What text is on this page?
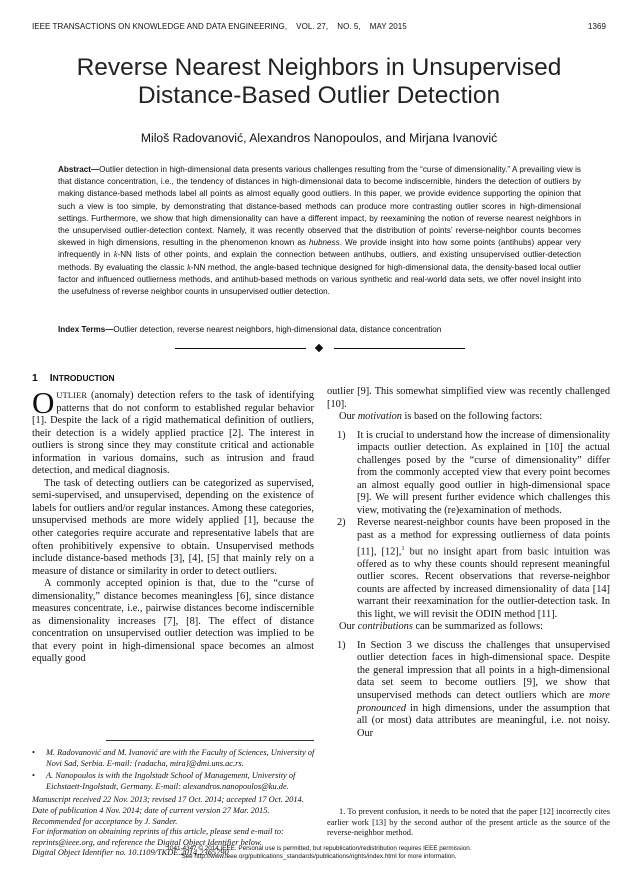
IEEE TRANSACTIONS ON KNOWLEDGE AND DATA ENGINEERING,    VOL. 27,    NO. 5,    MAY 2015	1369
Reverse Nearest Neighbors in Unsupervised
Distance-Based Outlier Detection
Miloš Radovanović, Alexandros Nanopoulos, and Mirjana Ivanović
Abstract—Outlier detection in high-dimensional data presents various challenges resulting from the “curse of dimensionality.” A prevailing view is that distance concentration, i.e., the tendency of distances in high-dimensional data to become indiscernible, hinders the detection of outliers by making distance-based methods label all points as almost equally good outliers. In this paper, we provide evidence supporting the opinion that such a view is too simple, by demonstrating that distance-based methods can produce more contrasting outlier scores in high-dimensional settings. Furthermore, we show that high dimensionality can have a different impact, by reexamining the notion of reverse nearest neighbors in the unsupervised outlier-detection context. Namely, it was recently observed that the distribution of points’ reverse-neighbor counts becomes skewed in high dimensions, resulting in the phenomenon known as hubness. We provide insight into how some points (antihubs) appear very infrequently in k-NN lists of other points, and explain the connection between antihubs, outliers, and existing unsupervised outlier-detection methods. By evaluating the classic k-NN method, the angle-based technique designed for high-dimensional data, the density-based local outlier factor and influenced outlierness methods, and antihub-based methods on various synthetic and real-world data sets, we offer novel insight into the usefulness of reverse neighbor counts in unsupervised outlier detection.
Index Terms—Outlier detection, reverse nearest neighbors, high-dimensional data, distance concentration
1 INTRODUCTION

OUTLIER (anomaly) detection refers to the task of identifying patterns that do not conform to established regular behavior [1]. Despite the lack of a rigid mathematical definition of outliers, their detection is a widely applied practice [2]. The interest in outliers is strong since they may constitute critical and actionable information in various domains, such as intrusion and fraud detection, and medical diagnosis.

The task of detecting outliers can be categorized as supervised, semi-supervised, and unsupervised, depending on the existence of labels for outliers and/or regular instances. Among these categories, unsupervised methods are more widely applied [1], because the other categories require accurate and representative labels that are often prohibitively expensive to obtain. Unsupervised methods include distance-based methods [3], [4], [5] that mainly rely on a measure of distance or similarity in order to detect outliers.

A commonly accepted opinion is that, due to the “curse of dimensionality,” distance becomes meaningless [6], since distance measures concentrate, i.e., pairwise distances become indiscernible as dimensionality increases [7], [8]. The effect of distance concentration on unsupervised outlier detection was implied to be that every point in high-dimensional space becomes an almost equally good

outlier [9]. This somewhat simplified view was recently challenged [10].

Our motivation is based on the following factors:

1) It is crucial to understand how the increase of dimensionality impacts outlier detection. As explained in [10] the actual challenges posed by the “curse of dimensionality” differ from the commonly accepted view that every point becomes an almost equally good outlier in high-dimensional space [9]. We will present further evidence which challenges this view, motivating the (re)examination of methods.
2) Reverse nearest-neighbor counts have been proposed in the past as a method for expressing outlierness of data points [11], [12],$^1$ but no insight apart from basic intuition was offered as to why these counts should represent meaningful outlier scores. Recent observations that reverse-neighbor counts are affected by increased dimensionality of data [14] warrant their reexamination for the outlier-detection task. In this light, we will revisit the ODIN method [11].

Our contributions can be summarized as follows:

1) In Section 3 we discuss the challenges that unsupervised outlier detection faces in high-dimensional space. Despite the general impression that all points in a high-dimensional data set seem to become outliers [9], we show that unsupervised methods can detect outliers which are more pronounced in high dimensions, under the assumption that all (or most) data attributes are meaningful, i.e. not noisy. Our
• M. Radovanović and M. Ivanović are with the Faculty of Sciences, University of Novi Sad, Serbia. E-mail: {radacha, mira}@dmi.uns.ac.rs.
• A. Nanopoulos is with the Ingolstadt School of Management, University of Eichstaett-Ingolstadt, Germany. E-mail: alexandros.nanopoulos@ku.de.
Manuscript received 22 Nov. 2013; revised 17 Oct. 2014; accepted 17 Oct. 2014. Date of publication 4 Nov. 2014; date of current version 27 Mar. 2015.
Recommended for acceptance by J. Sander.
For information on obtaining reprints of this article, please send e-mail to: reprints@ieee.org, and reference the Digital Object Identifier below.
Digital Object Identifier no. 10.1109/TKDE.2014.2365790

1. To prevent confusion, it needs to be noted that the paper [12] incorrectly cites earlier work [13] by the second author of the present article as the source of the reverse-neighbor method.

1041-4347 © 2014 IEEE. Personal use is permitted, but republication/redistribution requires IEEE permission.
See http://www.ieee.org/publications_standards/publications/rights/index.html for more information.
